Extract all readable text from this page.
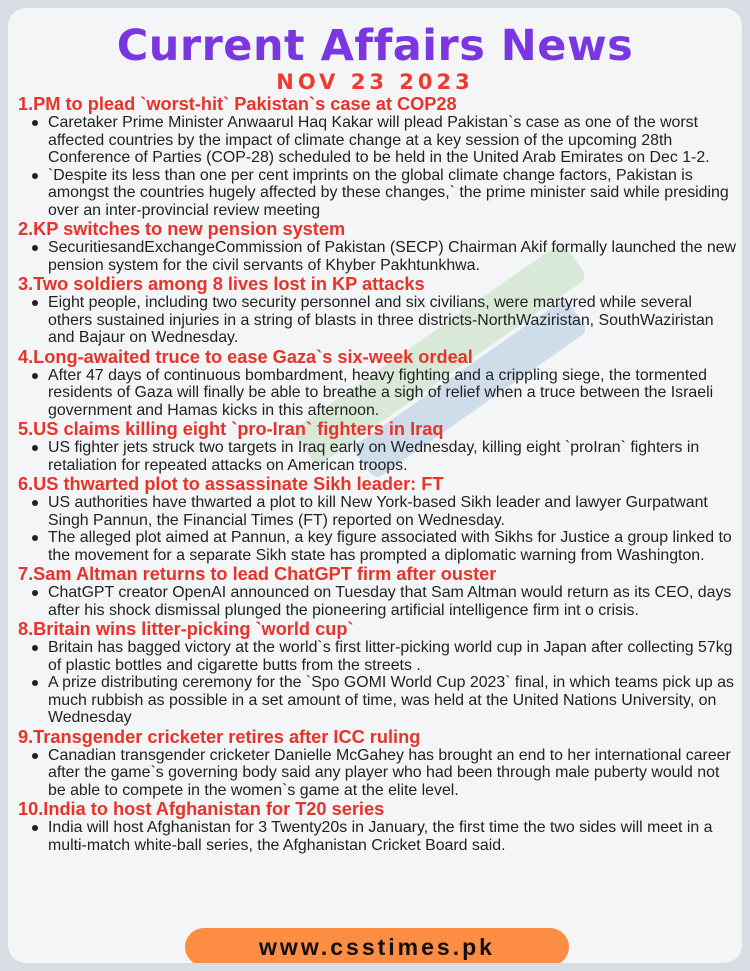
Current Affairs News
NOV 23 2023
1.PM to plead `worst-hit` Pakistan`s case at COP28
Caretaker Prime Minister Anwaarul Haq Kakar will plead Pakistan`s case as one of the worst affected countries by the impact of climate change at a key session of the upcoming 28th Conference of Parties (COP-28) scheduled to be held in the United Arab Emirates on Dec 1-2.
`Despite its less than one per cent imprints on the global climate change factors, Pakistan is amongst the countries hugely affected by these changes,` the prime minister said while presiding over an inter-provincial review meeting
2.KP switches to new pension system
SecuritiesandExchangeCommission of Pakistan (SECP) Chairman Akif formally launched the new pension system for the civil servants of Khyber Pakhtunkhwa.
3.Two soldiers among 8 lives lost in KP attacks
Eight people, including two security personnel and six civilians, were martyred while several others sustained injuries in a string of blasts in three districts-NorthWaziristan, SouthWaziristan and Bajaur on Wednesday.
4.Long-awaited truce to ease Gaza`s six-week ordeal
After 47 days of continuous bombardment, heavy fighting and a crippling siege, the tormented residents of Gaza will finally be able to breathe a sigh of relief when a truce between the Israeli government and Hamas kicks in this afternoon.
5.US claims killing eight `pro-Iran` fighters in Iraq
US fighter jets struck two targets in Iraq early on Wednesday, killing eight `proIran` fighters in retaliation for repeated attacks on American troops.
6.US thwarted plot to assassinate Sikh leader: FT
US authorities have thwarted a plot to kill New York-based Sikh leader and lawyer Gurpatwant Singh Pannun, the Financial Times (FT) reported on Wednesday.
The alleged plot aimed at Pannun, a key figure associated with Sikhs for Justice a group linked to the movement for a separate Sikh state has prompted a diplomatic warning from Washington.
7.Sam Altman returns to lead ChatGPT firm after ouster
ChatGPT creator OpenAI announced on Tuesday that Sam Altman would return as its CEO, days after his shock dismissal plunged the pioneering artificial intelligence firm int o crisis.
8.Britain wins litter-picking `world cup`
Britain has bagged victory at the world`s first litter-picking world cup in Japan after collecting 57kg of plastic bottles and cigarette butts from the streets .
A prize distributing ceremony for the `Spo GOMI World Cup 2023` final, in which teams pick up as much rubbish as possible in a set amount of time, was held at the United Nations University, on Wednesday
9.Transgender cricketer retires after ICC ruling
Canadian transgender cricketer Danielle McGahey has brought an end to her international career after the game`s governing body said any player who had been through male puberty would not be able to compete in the women`s game at the elite level.
10.India to host Afghanistan for T20 series
India will host Afghanistan for 3 Twenty20s in January, the first time the two sides will meet in a multi-match white-ball series, the Afghanistan Cricket Board said.
www.csstimes.pk
